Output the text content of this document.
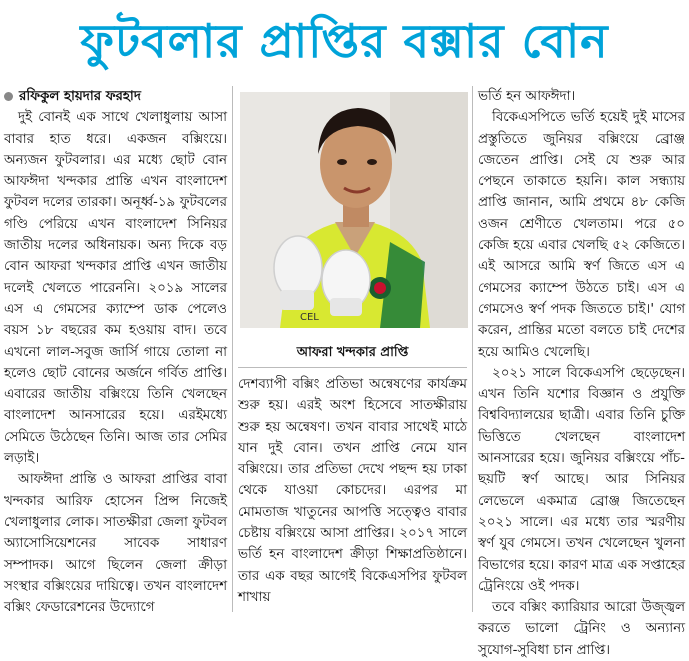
ফুটবলার প্রাপ্তির বক্সার বোন
রফিকুল হায়দার ফরহাদ

দুই বোনই এক সাথে খেলাধুলায় আসা বাবার হাত ধরে। একজন বক্সিংয়ে। অন্যজন ফুটবলার। এর মধ্যে ছোট বোন আফঈদা খন্দকার প্রান্তি এখন বাংলাদেশ ফুটবল দলের তারকা। অনূর্ধ্ব-১৯ ফুটবলের গণ্ডি পেরিয়ে এখন বাংলাদেশ সিনিয়র জাতীয় দলের অধিনায়ক। অন্য দিকে বড় বোন আফরা খন্দকার প্রাপ্তি এখন জাতীয় দলেই খেলতে পারেননি। ২০১৯ সালের এস এ গেমসের ক্যাম্পে ডাক পেলেও বয়স ১৮ বছরের কম হওয়ায় বাদ। তবে এখনো লাল-সবুজ জার্সি গায়ে তোলা না হলেও ছোট বোনের অর্জনে গর্বিত প্রাপ্তি। এবারের জাতীয় বক্সিংয়ে তিনি খেলছেন বাংলাদেশ আনসারের হয়ে। এরইমধ্যে সেমিতে উঠেছেন তিনি। আজ তার সেমির লড়াই।

আফঈদা প্রান্তি ও আফরা প্রাপ্তির বাবা খন্দকার আরিফ হোসেন প্রিন্স নিজেই খেলাধুলার লোক। সাতক্ষীরা জেলা ফুটবল অ্যাসোসিয়েশনের সাবেক সাধারণ সম্পাদক। আগে ছিলেন জেলা ক্রীড়া সংস্থার বক্সিংয়ের দায়িত্বে। তখন বাংলাদেশ বক্সিং ফেডারেশনের উদ্যোগে

CEL
আফরা খন্দকার প্রাপ্তি

দেশব্যাপী বক্সিং প্রতিভা অন্বেষণের কার্যক্রম শুরু হয়। এরই অংশ হিসেবে সাতক্ষীরায় শুরু হয় অন্বেষণ। তখন বাবার সাথেই মাঠে যান দুই বোন। তখন প্রাপ্তি নেমে যান বক্সিংয়ে। তার প্রতিভা দেখে পছন্দ হয় ঢাকা থেকে যাওয়া কোচদের। এরপর মা মোমতাজ খাতুনের আপত্তি সত্ত্বেও বাবার চেষ্টায় বক্সিংয়ে আসা প্রাপ্তির। ২০১৭ সালে ভর্তি হন বাংলাদেশ ক্রীড়া শিক্ষাপ্রতিষ্ঠানে। তার এক বছর আগেই বিকেএসপির ফুটবল শাখায়

ভর্তি হন আফঈদা।

বিকেএসপিতে ভর্তি হয়েই দুই মাসের প্রস্তুতিতে জুনিয়র বক্সিংয়ে ব্রোঞ্জ জেতেন প্রাপ্তি। সেই যে শুরু আর পেছনে তাকাতে হয়নি। কাল সন্ধ্যায় প্রাপ্তি জানান, আমি প্রথমে ৪৮ কেজি ওজন শ্রেণীতে খেলতাম। পরে ৫০ কেজি হয়ে এবার খেলছি ৫২ কেজিতে। এই আসরে আমি স্বর্ণ জিতে এস এ গেমসের ক্যাম্পে উঠতে চাই। এস এ গেমসেও স্বর্ণ পদক জিততে চাই।' যোগ করেন, প্রান্তির মতো বলতে চাই দেশের হয়ে আমিও খেলেছি।

২০২১ সালে বিকেএসপি ছেড়েছেন। এখন তিনি যশোর বিজ্ঞান ও প্রযুক্তি বিশ্ববিদ্যালয়ের ছাত্রী। এবার তিনি চুক্তি ভিত্তিতে খেলছেন বাংলাদেশ আনসারের হয়ে। জুনিয়র বক্সিংয়ে পাঁচ-ছয়টি স্বর্ণ আছে। আর সিনিয়র লেভেলে একমাত্র ব্রোঞ্জ জিতেছেন ২০২১ সালে। এর মধ্যে তার স্মরণীয় স্বর্ণ যুব গেমসে। তখন খেলেছেন খুলনা বিভাগের হয়ে। কারণ মাত্র এক সপ্তাহের ট্রেনিংয়ে ওই পদক।

তবে বক্সিং ক্যারিয়ার আরো উজ্জ্বল করতে ভালো ট্রেনিং ও অন্যান্য সুযোগ-সুবিধা চান প্রাপ্তি।
